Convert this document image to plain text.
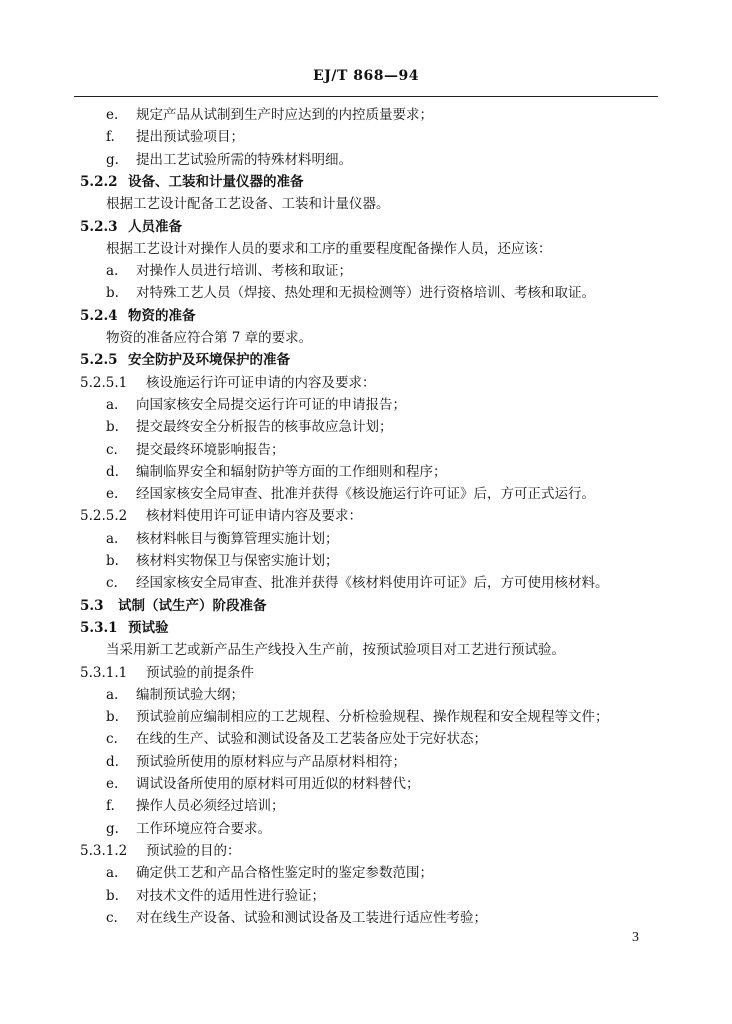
EJ/T 868—94
e. 规定产品从试制到生产时应达到的内控质量要求；
f. 提出预试验项目；
g. 提出工艺试验所需的特殊材料明细。
5.2.2 设备、工装和计量仪器的准备
根据工艺设计配备工艺设备、工装和计量仪器。
5.2.3 人员准备
根据工艺设计对操作人员的要求和工序的重要程度配备操作人员，还应该：
a. 对操作人员进行培训、考核和取证；
b. 对特殊工艺人员（焊接、热处理和无损检测等）进行资格培训、考核和取证。
5.2.4 物资的准备
物资的准备应符合第 7 章的要求。
5.2.5 安全防护及环境保护的准备
5.2.5.1 核设施运行许可证申请的内容及要求：
a. 向国家核安全局提交运行许可证的申请报告；
b. 提交最终安全分析报告的核事故应急计划；
c. 提交最终环境影响报告；
d. 编制临界安全和辐射防护等方面的工作细则和程序；
e. 经国家核安全局审查、批准并获得《核设施运行许可证》后，方可正式运行。
5.2.5.2 核材料使用许可证申请内容及要求：
a. 核材料帐目与衡算管理实施计划；
b. 核材料实物保卫与保密实施计划；
c. 经国家核安全局审查、批准并获得《核材料使用许可证》后，方可使用核材料。
5.3 试制（试生产）阶段准备
5.3.1 预试验
当采用新工艺或新产品生产线投入生产前，按预试验项目对工艺进行预试验。
5.3.1.1 预试验的前提条件
a. 编制预试验大纲；
b. 预试验前应编制相应的工艺规程、分析检验规程、操作规程和安全规程等文件；
c. 在线的生产、试验和测试设备及工艺装备应处于完好状态；
d. 预试验所使用的原材料应与产品原材料相符；
e. 调试设备所使用的原材料可用近似的材料替代；
f. 操作人员必须经过培训；
g. 工作环境应符合要求。
5.3.1.2 预试验的目的：
a. 确定供工艺和产品合格性鉴定时的鉴定参数范围；
b. 对技术文件的适用性进行验证；
c. 对在线生产设备、试验和测试设备及工装进行适应性考验；
3
